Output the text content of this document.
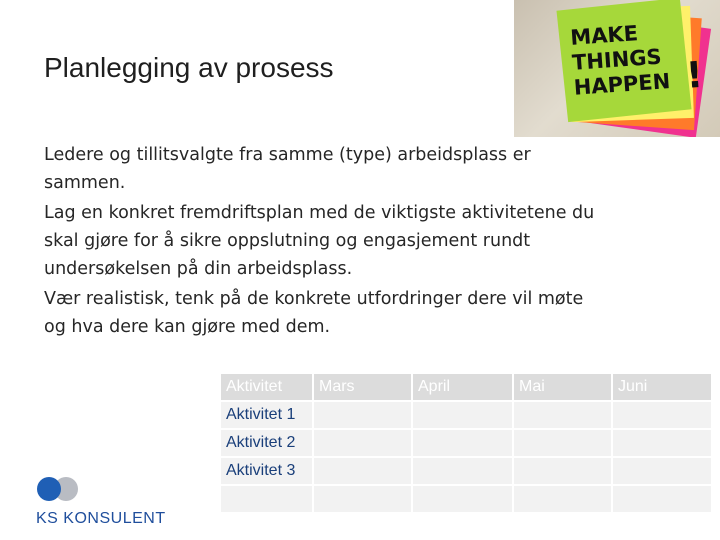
Planlegging av prosess
MAKE
THINGS
HAPPEN !

Ledere og tillitsvalgte fra samme (type) arbeidsplass er sammen.

Lag en konkret fremdriftsplan med de viktigste aktivitetene du skal gjøre for å sikre oppslutning og engasjement rundt undersøkelsen på din arbeidsplass.

Vær realistisk, tenk på de konkrete utfordringer dere vil møte og hva dere kan gjøre med dem.

Aktivitet	Mars	April	Mai	Juni
Aktivitet 1				
Aktivitet 2				
Aktivitet 3				

KS KONSULENT
